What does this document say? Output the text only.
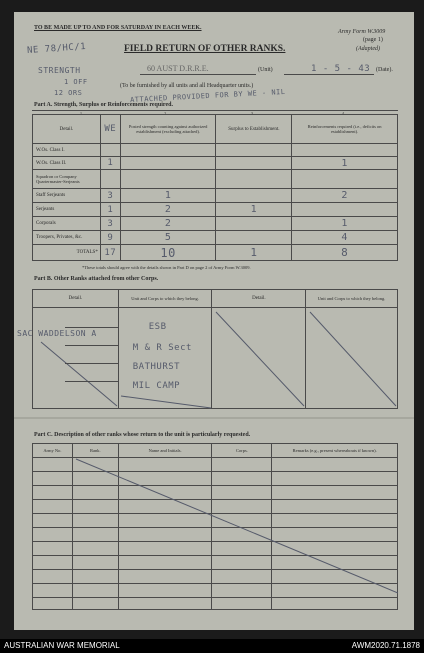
TO BE MADE UP TO AND FOR SATURDAY IN EACH WEEK.
Army Form W.3009
(page 1)
(Adapted)
FIELD RETURN OF OTHER RANKS.
60 AUST D.R.R.E.	(Unit)	1 - 5 - 43 (Date).
(To be furnished by all units and all Headquarter units.)
NE 78/HC/1
STRENGTH
1 OFF
12 ORS	ATTACHED PROVIDED FOR BY WE - NIL
Part A. Strength, Surplus or Reinforcements required.
1	2	3	4
Detail.	WE	Posted strength counting against authorized establishment (excluding attached).	Surplus to Establishment.	Reinforcements required (i.e., deficits on establishment).
W.Os. Class I.				
W.Os. Class II.	1			1
Squadron or Company Quartermaster-Serjeants				
Staff Serjeants	3	1		2
Serjeants	1	2	1	
Corporals	3	2		1
Troopers, Privates, &c.	9	5		4
TOTALS*	17	10	1	8
*These totals should agree with the details shown in Part D on page 2 of Army Form W.3009.
Part B. Other Ranks attached from other Corps.
Detail.	Unit and Corps to which they belong.	Detail.	Unit and Corps to which they belong.

SAC WADDELSON A	ESB
M & R Sect
BATHURST
MIL CAMP

Part C. Description of other ranks whose return to the unit is particularly requested.
Army No.	Rank.	Name and Initials.	Corps.	Remarks (e.g., present whereabouts if known).

AUSTRALIAN WAR MEMORIAL	AWM2020.71.1878
